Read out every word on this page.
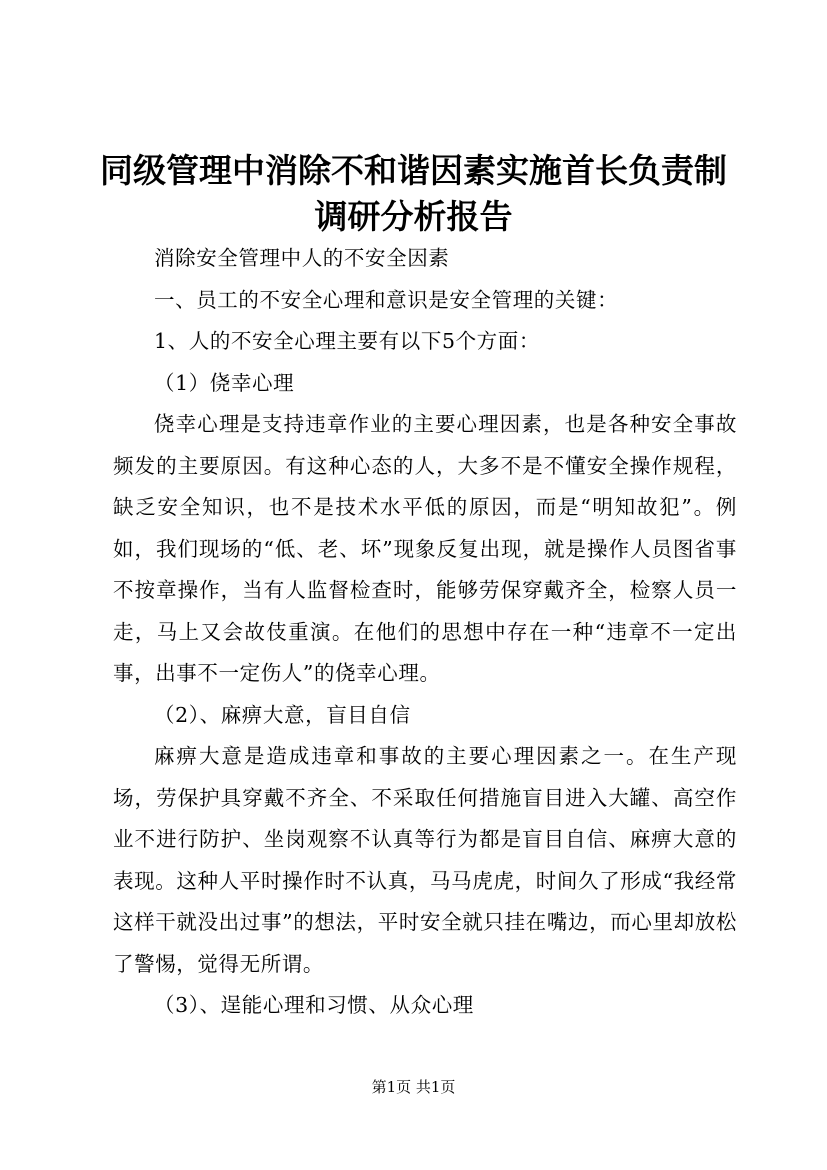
同级管理中消除不和谐因素实施首长负责制调研分析报告

消除安全管理中人的不安全因素

一、员工的不安全心理和意识是安全管理的关键：

1、人的不安全心理主要有以下5个方面：

（1）侥幸心理

侥幸心理是支持违章作业的主要心理因素，也是各种安全事故频发的主要原因。有这种心态的人，大多不是不懂安全操作规程，缺乏安全知识，也不是技术水平低的原因，而是“明知故犯”。例如，我们现场的“低、老、坏”现象反复出现，就是操作人员图省事不按章操作，当有人监督检查时，能够劳保穿戴齐全，检察人员一走，马上又会故伎重演。在他们的思想中存在一种“违章不一定出事，出事不一定伤人”的侥幸心理。

（2）、麻痹大意，盲目自信

麻痹大意是造成违章和事故的主要心理因素之一。在生产现场，劳保护具穿戴不齐全、不采取任何措施盲目进入大罐、高空作业不进行防护、坐岗观察不认真等行为都是盲目自信、麻痹大意的表现。这种人平时操作时不认真，马马虎虎，时间久了形成“我经常这样干就没出过事”的想法，平时安全就只挂在嘴边，而心里却放松了警惕，觉得无所谓。

（3）、逞能心理和习惯、从众心理

第1页 共1页
